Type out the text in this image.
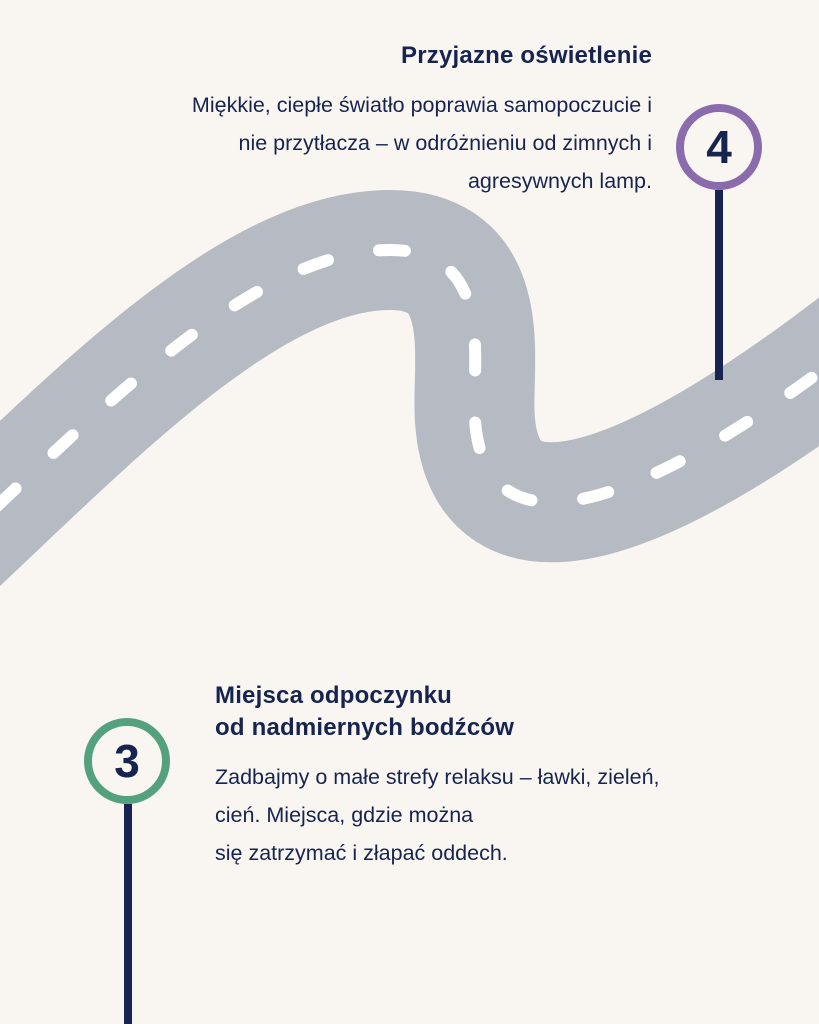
Przyjazne oświetlenie

Miękkie, ciepłe światło poprawia samopoczucie i
nie przytłacza – w odróżnieniu od zimnych i
agresywnych lamp.

4
3
Miejsca odpoczynku
od nadmiernych bodźców

Zadbajmy o małe strefy relaksu – ławki, zieleń,
cień. Miejsca, gdzie można
się zatrzymać i złapać oddech.
